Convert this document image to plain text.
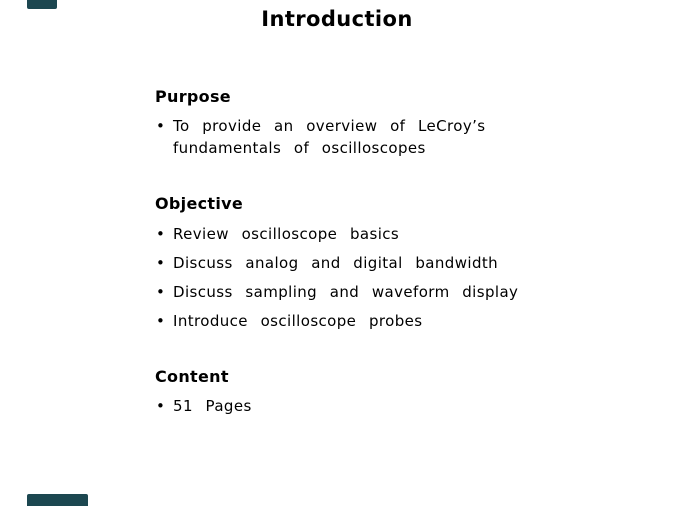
Introduction
Purpose
• To provide an overview of LeCroy’s fundamentals of oscilloscopes
Objective
• Review oscilloscope basics
• Discuss analog and digital bandwidth
• Discuss sampling and waveform display
• Introduce oscilloscope probes
Content
• 51 Pages
